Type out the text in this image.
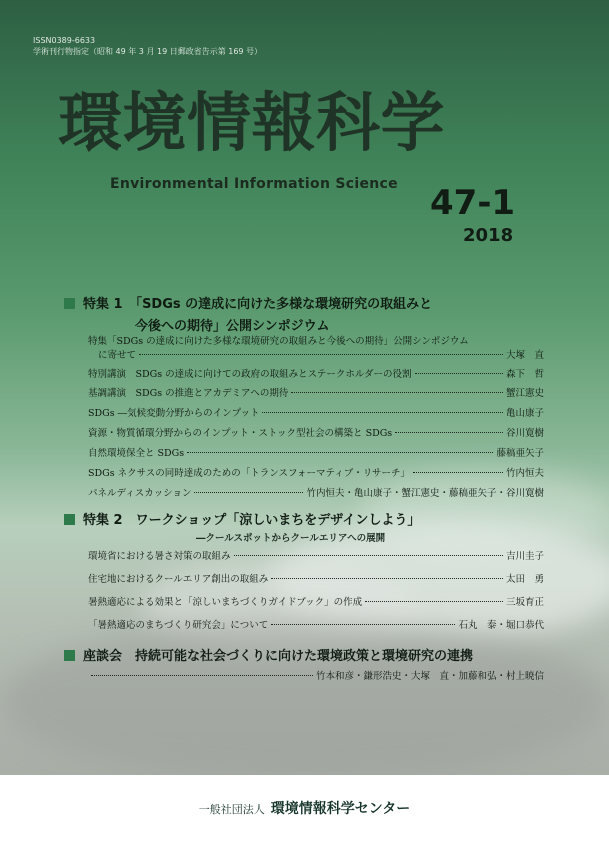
ISSN0389-6633
学術刊行物指定（昭和 49 年 3 月 19 日郵政省告示第 169 号）
環境情報科学
Environmental Information Science 47-1
2018
特集 1　「SDGs の達成に向けた多様な環境研究の取組みと
今後への期待」公開シンポジウム
特集「SDGs の達成に向けた多様な環境研究の取組みと今後への期待」公開シンポジウム
に寄せて	大塚　直
特別講演　SDGs の達成に向けての政府の取組みとステークホルダーの役割	森下　哲
基調講演　SDGs の推進とアカデミアへの期待	蟹江憲史
SDGs ―気候変動分野からのインプット	亀山康子
資源・物質循環分野からのインプット・ストック型社会の構築と SDGs	谷川寛樹
自然環境保全と SDGs	藤稿亜矢子
SDGs ネクサスの同時達成のための「トランスフォーマティブ・リサーチ」	竹内恒夫
パネルディスカッション	竹内恒夫・亀山康子・蟹江憲史・藤稿亜矢子・谷川寛樹
特集 2　ワークショップ「涼しいまちをデザインしよう」
―クールスポットからクールエリアへの展開
環境省における暑さ対策の取組み	吉川圭子
住宅地におけるクールエリア創出の取組み	太田　勇
暑熱適応による効果と「涼しいまちづくりガイドブック」の作成	三坂育正
「暑熱適応のまちづくり研究会」について	石丸　泰・堀口恭代
座談会　持続可能な社会づくりに向けた環境政策と環境研究の連携
竹本和彦・鎌形浩史・大塚　直・加藤和弘・村上暁信
一般社団法人 環境情報科学センター
